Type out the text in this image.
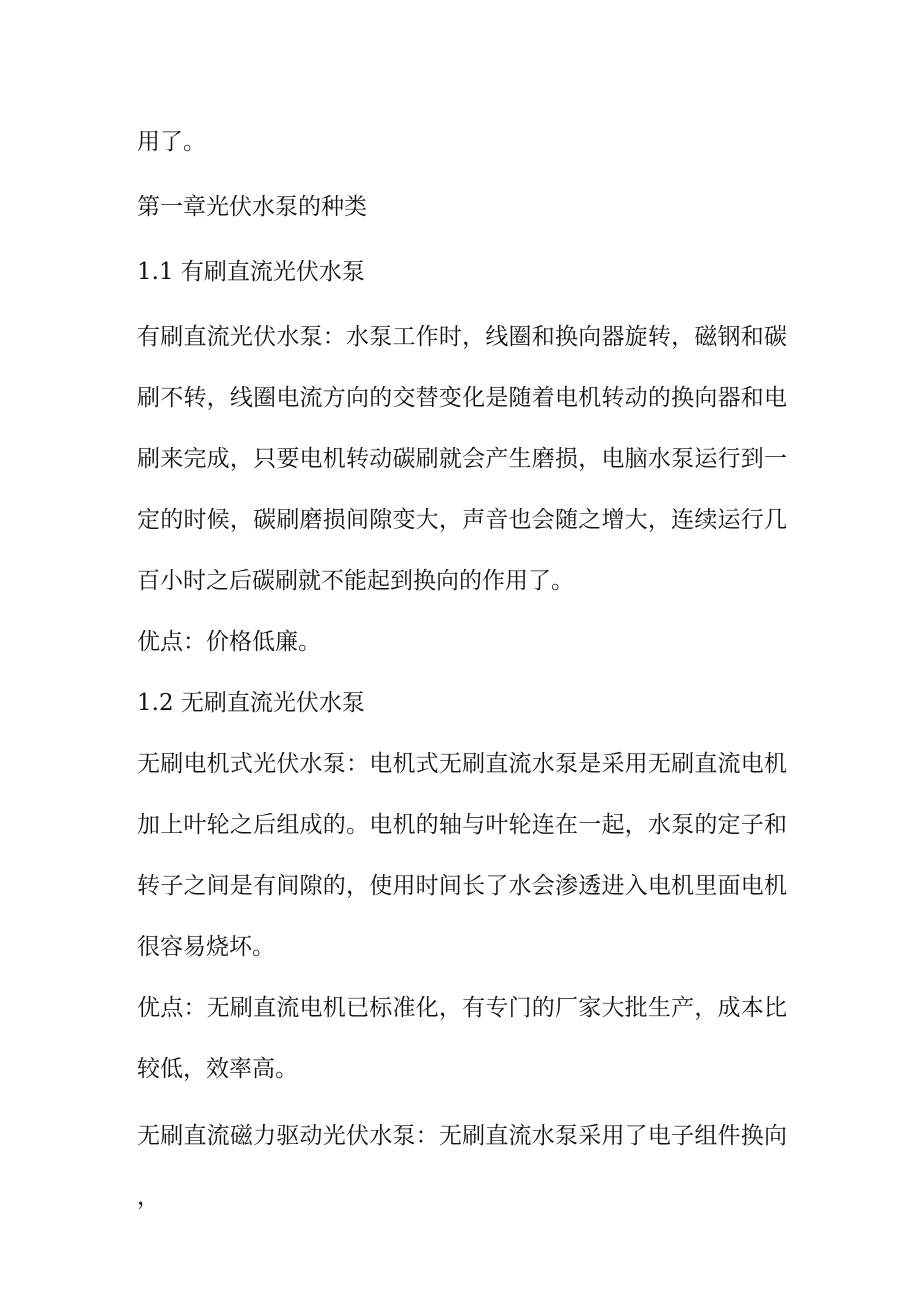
用了。

第一章光伏水泵的种类

1.1 有刷直流光伏水泵

有刷直流光伏水泵：水泵工作时，线圈和换向器旋转，磁钢和碳刷不转，线圈电流方向的交替变化是随着电机转动的换向器和电刷来完成，只要电机转动碳刷就会产生磨损，电脑水泵运行到一定的时候，碳刷磨损间隙变大，声音也会随之增大，连续运行几百小时之后碳刷就不能起到换向的作用了。

优点：价格低廉。

1.2 无刷直流光伏水泵

无刷电机式光伏水泵：电机式无刷直流水泵是采用无刷直流电机加上叶轮之后组成的。电机的轴与叶轮连在一起，水泵的定子和转子之间是有间隙的，使用时间长了水会渗透进入电机里面电机很容易烧坏。

优点：无刷直流电机已标准化，有专门的厂家大批生产，成本比较低，效率高。

无刷直流磁力驱动光伏水泵：无刷直流水泵采用了电子组件换向，
